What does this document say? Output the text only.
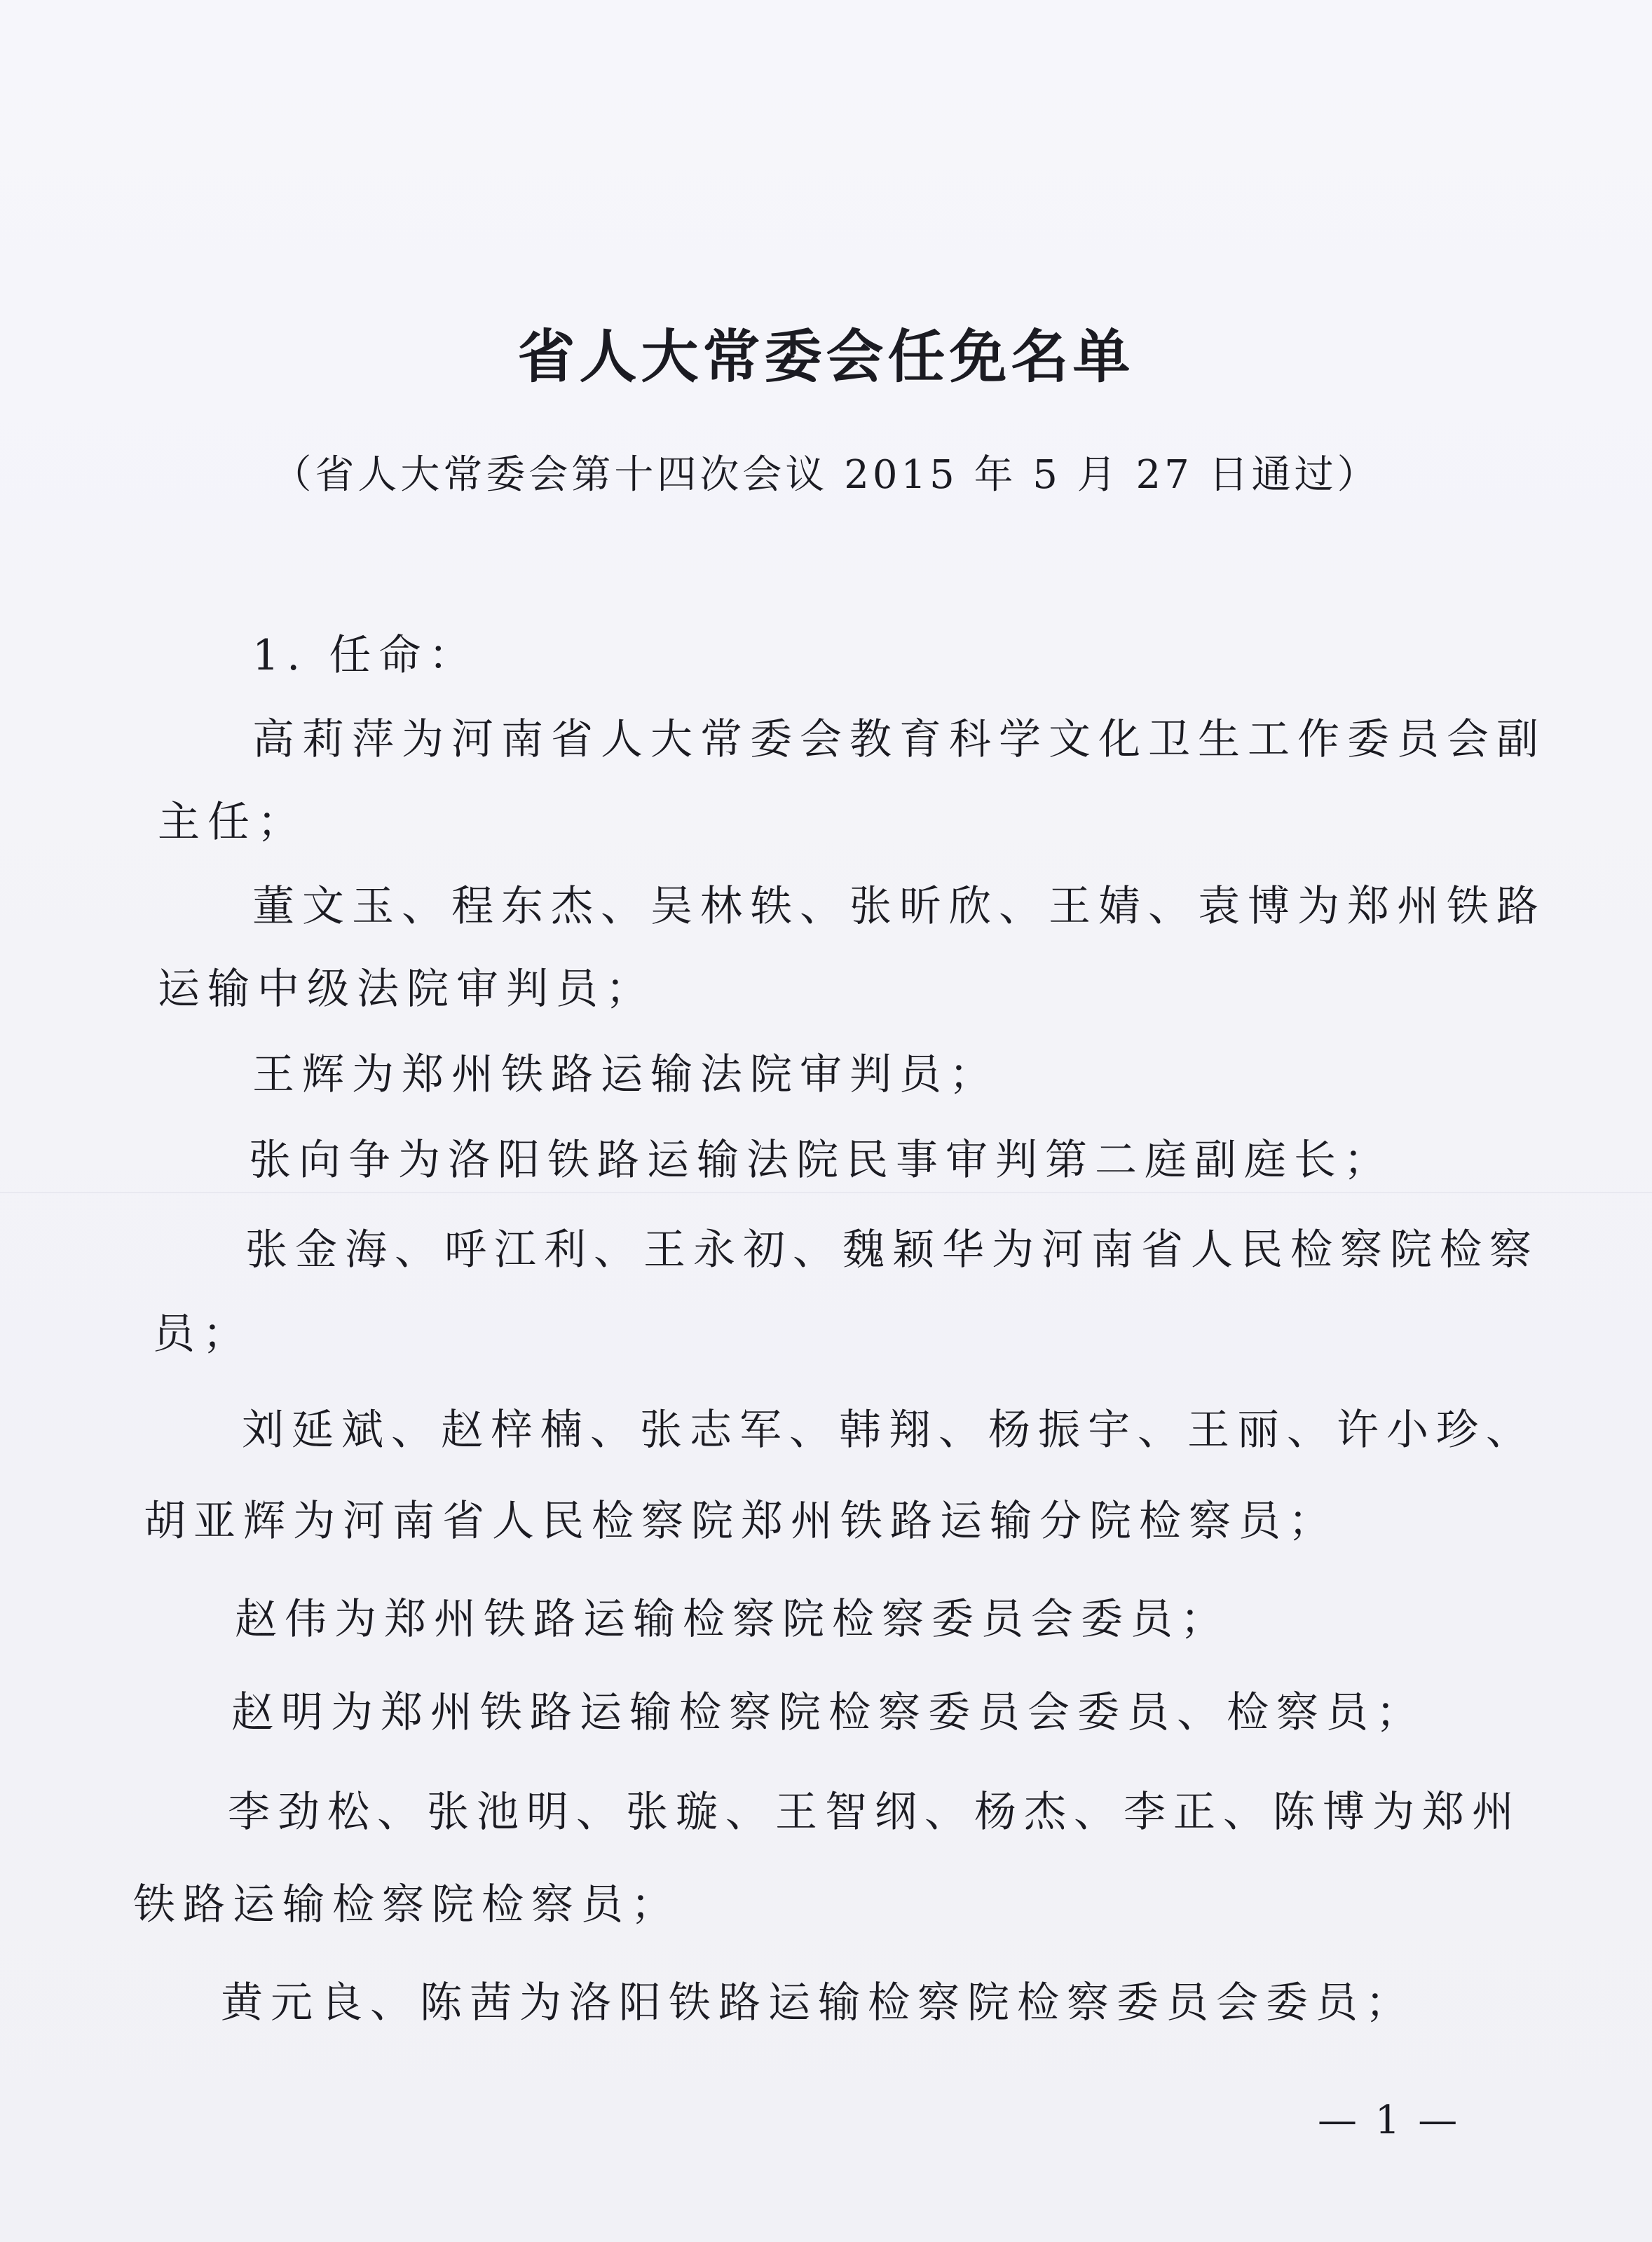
省人大常委会任免名单
（省人大常委会第十四次会议 2015 年 5 月 27 日通过）
1. 任命：
高莉萍为河南省人大常委会教育科学文化卫生工作委员会副
主任；
董文玉、程东杰、吴林轶、张昕欣、王婧、袁博为郑州铁路
运输中级法院审判员；
王辉为郑州铁路运输法院审判员；
张向争为洛阳铁路运输法院民事审判第二庭副庭长；
张金海、呼江利、王永初、魏颖华为河南省人民检察院检察
员；
刘延斌、赵梓楠、张志军、韩翔、杨振宇、王丽、许小珍、
胡亚辉为河南省人民检察院郑州铁路运输分院检察员；
赵伟为郑州铁路运输检察院检察委员会委员；
赵明为郑州铁路运输检察院检察委员会委员、检察员；
李劲松、张池明、张璇、王智纲、杨杰、李正、陈博为郑州
铁路运输检察院检察员；
黄元良、陈茜为洛阳铁路运输检察院检察委员会委员；
— 1 —
